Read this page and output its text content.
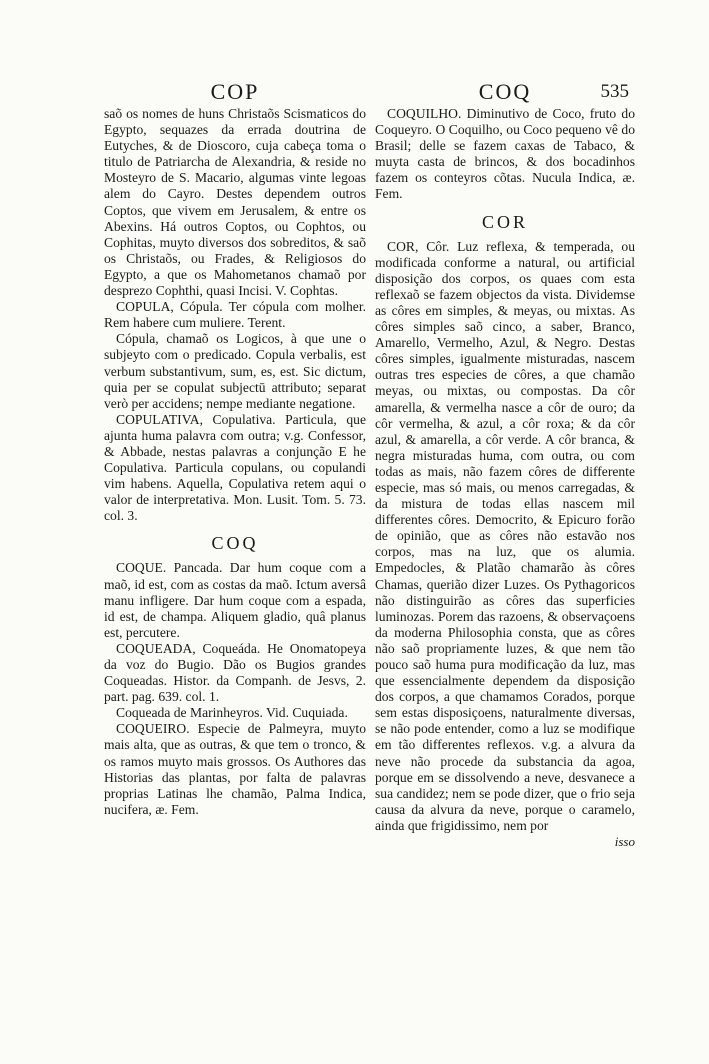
COP

saõ os nomes de huns Christaõs Scismaticos do Egypto, sequazes da errada doutrina de Eutyches, & de Dioscoro, cuja cabeça toma o titulo de Patriarcha de Alexandria, & reside no Mosteyro de S. Macario, algumas vinte legoas alem do Cayro. Destes dependem outros Coptos, que vivem em Jerusalem, & entre os Abexins. Há outros Coptos, ou Cophtos, ou Cophitas, muyto diversos dos sobreditos, & saõ os Christaõs, ou Frades, & Religiosos do Egypto, a que os Mahometanos chamaõ por desprezo Cophthi, quasi Incisi. V. Cophtas.

COPULA, Cópula. Ter cópula com molher. Rem habere cum muliere. Terent.

Cópula, chamaõ os Logicos, à que une o subjeyto com o predicado. Copula verbalis, est verbum substantivum, sum, es, est. Sic dictum, quia per se copulat subjectū attributo; separat verò per accidens; nempe mediante negatione.

COPULATIVA, Copulativa. Particula, que ajunta huma palavra com outra; v.g. Confessor, & Abbade, nestas palavras a conjunção E he Copulativa. Particula copulans, ou copulandi vim habens. Aquella, Copulativa retem aqui o valor de interpretativa. Mon. Lusit. Tom. 5. 73. col. 3.

COQ

COQUE. Pancada. Dar hum coque com a maõ, id est, com as costas da maõ. Ictum aversâ manu infligere. Dar hum coque com a espada, id est, de champa. Aliquem gladio, quâ planus est, percutere.

COQUEADA, Coqueáda. He Onomatopeya da voz do Bugio. Dão os Bugios grandes Coqueadas. Histor. da Companh. de Jesvs, 2. part. pag. 639. col. 1.

Coqueada de Marinheyros. Vid. Cuquiada.

COQUEIRO. Especie de Palmeyra, muyto mais alta, que as outras, & que tem o tronco, & os ramos muyto mais grossos. Os Authores das Historias das plantas, por falta de palavras proprias Latinas lhe chamão, Palma Indica, nucifera, æ. Fem.

COQ	535

COQUILHO. Diminutivo de Coco, fruto do Coqueyro. O Coquilho, ou Coco pequeno vê do Brasil; delle se fazem caxas de Tabaco, & muyta casta de brincos, & dos bocadinhos fazem os conteyros cõtas. Nucula Indica, æ. Fem.

COR

COR, Côr. Luz reflexa, & temperada, ou modificada conforme a natural, ou artificial disposição dos corpos, os quaes com esta reflexaõ se fazem objectos da vista. Dividemse as côres em simples, & meyas, ou mixtas. As côres simples saõ cinco, a saber, Branco, Amarello, Vermelho, Azul, & Negro. Destas côres simples, igualmente misturadas, nascem outras tres especies de côres, a que chamão meyas, ou mixtas, ou compostas. Da côr amarella, & vermelha nasce a côr de ouro; da côr vermelha, & azul, a côr roxa; & da côr azul, & amarella, a côr verde. A côr branca, & negra misturadas huma, com outra, ou com todas as mais, não fazem côres de differente especie, mas só mais, ou menos carregadas, & da mistura de todas ellas nascem mil differentes côres. Democrito, & Epicuro forão de opinião, que as côres não estavão nos corpos, mas na luz, que os alumia. Empedocles, & Platão chamarão às côres Chamas, querião dizer Luzes. Os Pythagoricos não distinguirão as côres das superficies luminozas. Porem das razoens, & observaçoens da moderna Philosophia consta, que as côres não saõ propriamente luzes, & que nem tão pouco saõ huma pura modificação da luz, mas que essencialmente dependem da disposição dos corpos, a que chamamos Corados, porque sem estas disposiçoens, naturalmente diversas, se não pode entender, como a luz se modifique em tão differentes reflexos. v.g. a alvura da neve não procede da substancia da agoa, porque em se dissolvendo a neve, desvanece a sua candidez; nem se pode dizer, que o frio seja causa da alvura da neve, porque o caramelo, ainda que frigidissimo, nem por

isso
